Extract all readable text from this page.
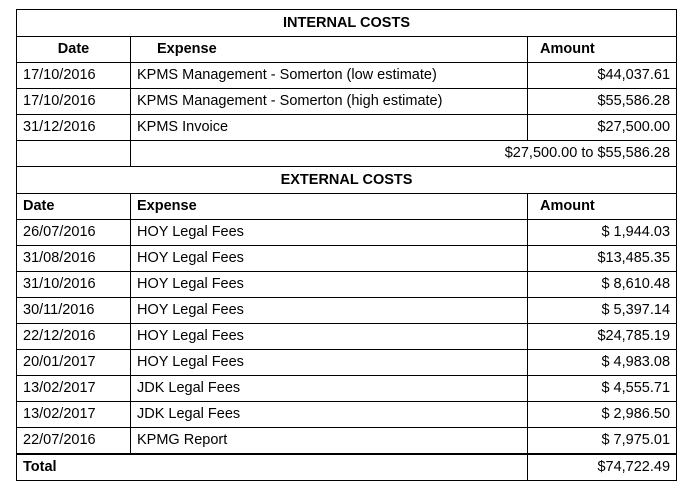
INTERNAL COSTS		
Date	Expense	Amount
17/10/2016	KPMS Management - Somerton (low estimate)	$44,037.61
17/10/2016	KPMS Management - Somerton (high estimate)	$55,586.28
31/12/2016	KPMS Invoice	$27,500.00
	$27,500.00 to $55,586.28	
EXTERNAL COSTS		
Date	Expense	Amount
26/07/2016	HOY Legal Fees	$ 1,944.03
31/08/2016	HOY Legal Fees	$13,485.35
31/10/2016	HOY Legal Fees	$ 8,610.48
30/11/2016	HOY Legal Fees	$ 5,397.14
22/12/2016	HOY Legal Fees	$24,785.19
20/01/2017	HOY Legal Fees	$ 4,983.08
13/02/2017	JDK Legal Fees	$ 4,555.71
13/02/2017	JDK Legal Fees	$ 2,986.50
22/07/2016	KPMG Report	$ 7,975.01
Total		$74,722.49
